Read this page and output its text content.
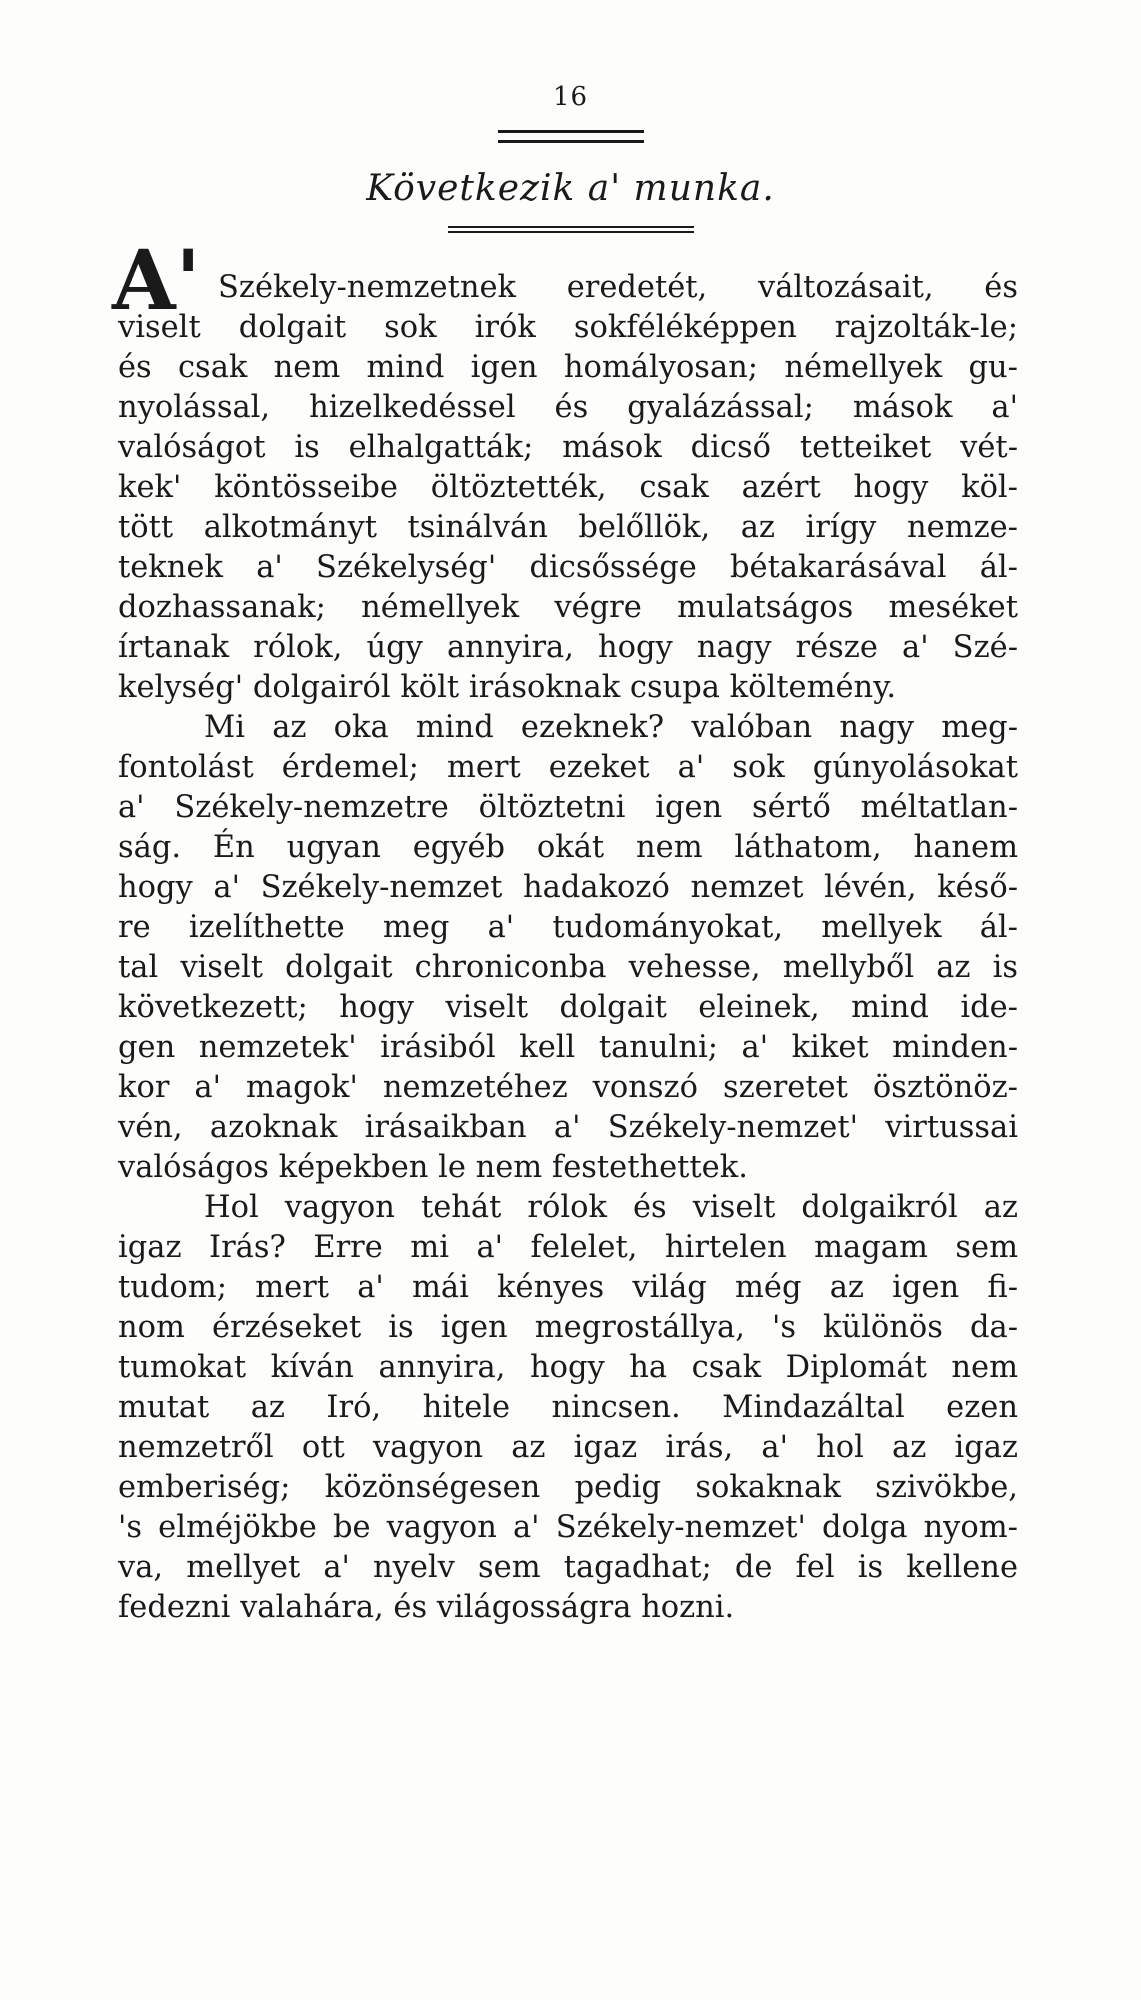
16
Következik a' munka.
A' Székely-nemzetnek eredetét, változásait, és
viselt dolgait sok irók sokféléképpen rajzolták-le;
és csak nem mind igen homályosan; némellyek gu-
nyolással, hizelkedéssel és gyalázással; mások a'
valóságot is elhalgatták; mások dicső tetteiket vét-
kek' köntösseibe öltöztették, csak azért hogy köl-
tött alkotmányt tsinálván belőllök, az irígy nemze-
teknek a' Székelység' dicsőssége bétakarásával ál-
dozhassanak; némellyek végre mulatságos meséket
írtanak rólok, úgy annyira, hogy nagy része a' Szé-
kelység' dolgairól költ irásoknak csupa költemény.
Mi az oka mind ezeknek? valóban nagy meg-
fontolást érdemel; mert ezeket a' sok gúnyolásokat
a' Székely-nemzetre öltöztetni igen sértő méltatlan-
ság. Én ugyan egyéb okát nem láthatom, hanem
hogy a' Székely-nemzet hadakozó nemzet lévén, késő-
re izelíthette meg a' tudományokat, mellyek ál-
tal viselt dolgait chroniconba vehesse, mellyből az is
következett; hogy viselt dolgait eleinek, mind ide-
gen nemzetek' irásiból kell tanulni; a' kiket minden-
kor a' magok' nemzetéhez vonszó szeretet ösztönöz-
vén, azoknak irásaikban a' Székely-nemzet' virtussai
valóságos képekben le nem festethettek.
Hol vagyon tehát rólok és viselt dolgaikról az
igaz Irás? Erre mi a' felelet, hirtelen magam sem
tudom; mert a' mái kényes világ még az igen fi-
nom érzéseket is igen megrostállya, 's különös da-
tumokat kíván annyira, hogy ha csak Diplomát nem
mutat az Iró, hitele nincsen. Mindazáltal ezen
nemzetről ott vagyon az igaz irás, a' hol az igaz
emberiség; közönségesen pedig sokaknak szivökbe,
's elméjökbe be vagyon a' Székely-nemzet' dolga nyom-
va, mellyet a' nyelv sem tagadhat; de fel is kellene
fedezni valahára, és világosságra hozni.
